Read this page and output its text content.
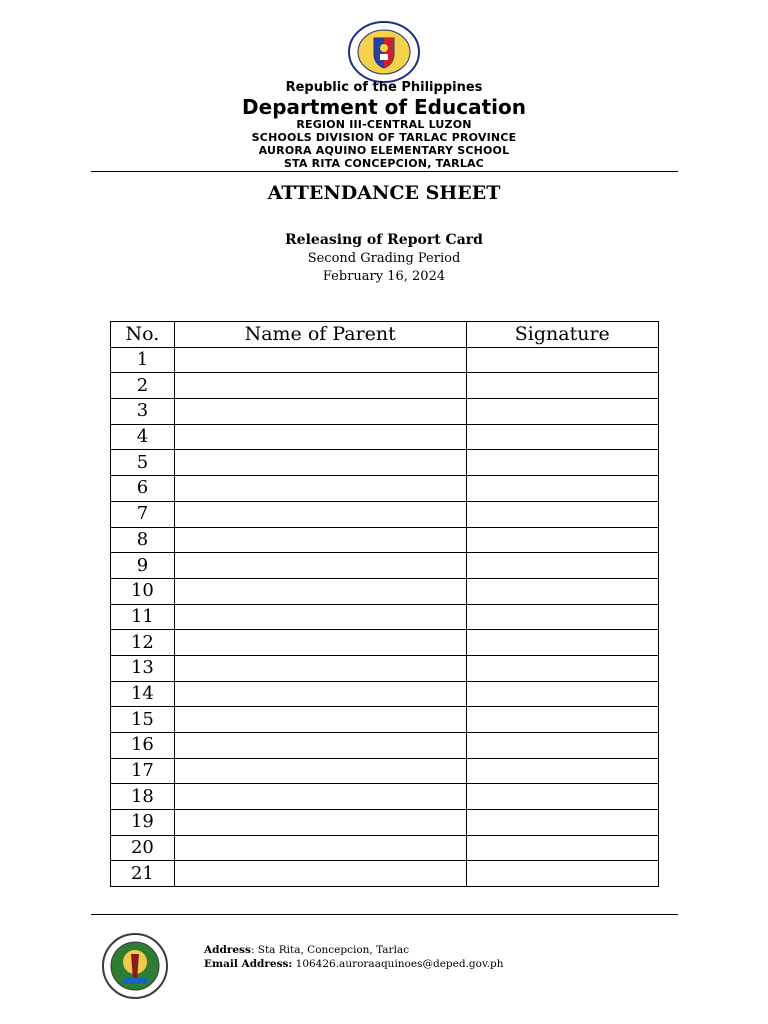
Republic of the Philippines
Department of Education
REGION III-CENTRAL LUZON
SCHOOLS DIVISION OF TARLAC PROVINCE
AURORA AQUINO ELEMENTARY SCHOOL
STA RITA CONCEPCION, TARLAC
ATTENDANCE SHEET
Releasing of Report Card
Second Grading Period
February 16, 2024
No.	Name of Parent	Signature
1		
2		
3		
4		
5		
6		
7		
8		
9		
10		
11		
12		
13		
14		
15		
16		
17		
18		
19		
20		
21		
Address: Sta Rita, Concepcion, Tarlac
Email Address: 106426.auroraaquinoes@deped.gov.ph
